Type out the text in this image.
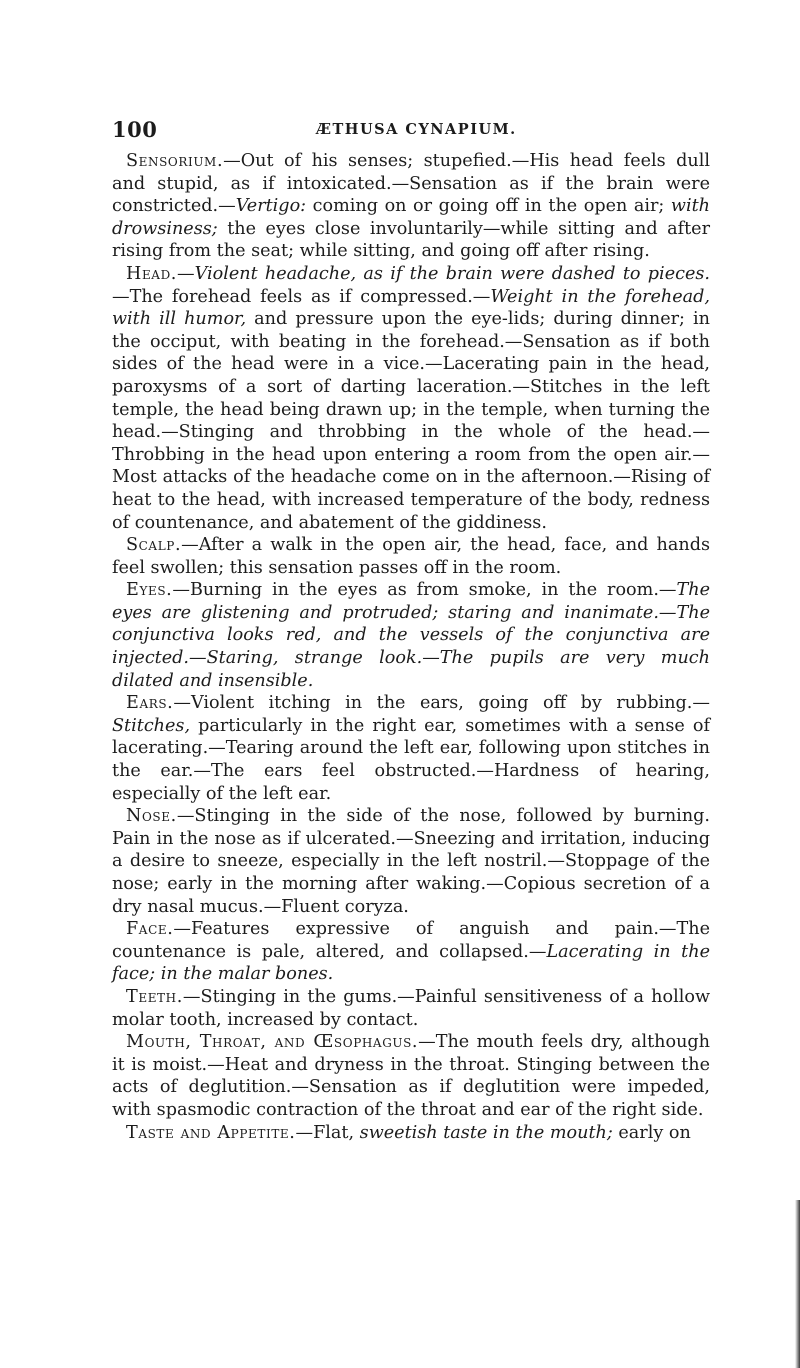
100	ÆTHUSA CYNAPIUM.

Sensorium.—Out of his senses; stupefied.—His head feels dull and stupid, as if intoxicated.—Sensation as if the brain were constricted.—Vertigo: coming on or going off in the open air; with drowsiness; the eyes close involuntarily—while sitting and after rising from the seat; while sitting, and going off after rising.

Head.—Violent headache, as if the brain were dashed to pieces.—The forehead feels as if compressed.—Weight in the forehead, with ill humor, and pressure upon the eye-lids; during dinner; in the occiput, with beating in the forehead.—Sensation as if both sides of the head were in a vice.—Lacerating pain in the head, paroxysms of a sort of darting laceration.—Stitches in the left temple, the head being drawn up; in the temple, when turning the head.—Stinging and throbbing in the whole of the head.—Throbbing in the head upon entering a room from the open air.—Most attacks of the headache come on in the afternoon.—Rising of heat to the head, with increased temperature of the body, redness of countenance, and abatement of the giddiness.

Scalp.—After a walk in the open air, the head, face, and hands feel swollen; this sensation passes off in the room.

Eyes.—Burning in the eyes as from smoke, in the room.—The eyes are glistening and protruded; staring and inanimate.—The conjunctiva looks red, and the vessels of the conjunctiva are injected.—Staring, strange look.—The pupils are very much dilated and insensible.

Ears.—Violent itching in the ears, going off by rubbing.—Stitches, particularly in the right ear, sometimes with a sense of lacerating.—Tearing around the left ear, following upon stitches in the ear.—The ears feel obstructed.—Hardness of hearing, especially of the left ear.

Nose.—Stinging in the side of the nose, followed by burning. Pain in the nose as if ulcerated.—Sneezing and irritation, inducing a desire to sneeze, especially in the left nostril.—Stoppage of the nose; early in the morning after waking.—Copious secretion of a dry nasal mucus.—Fluent coryza.

Face.—Features expressive of anguish and pain.—The countenance is pale, altered, and collapsed.—Lacerating in the face; in the malar bones.

Teeth.—Stinging in the gums.—Painful sensitiveness of a hollow molar tooth, increased by contact.

Mouth, Throat, and Œsophagus.—The mouth feels dry, although it is moist.—Heat and dryness in the throat. Stinging between the acts of deglutition.—Sensation as if deglutition were impeded, with spasmodic contraction of the throat and ear of the right side.

Taste and Appetite.—Flat, sweetish taste in the mouth; early on
